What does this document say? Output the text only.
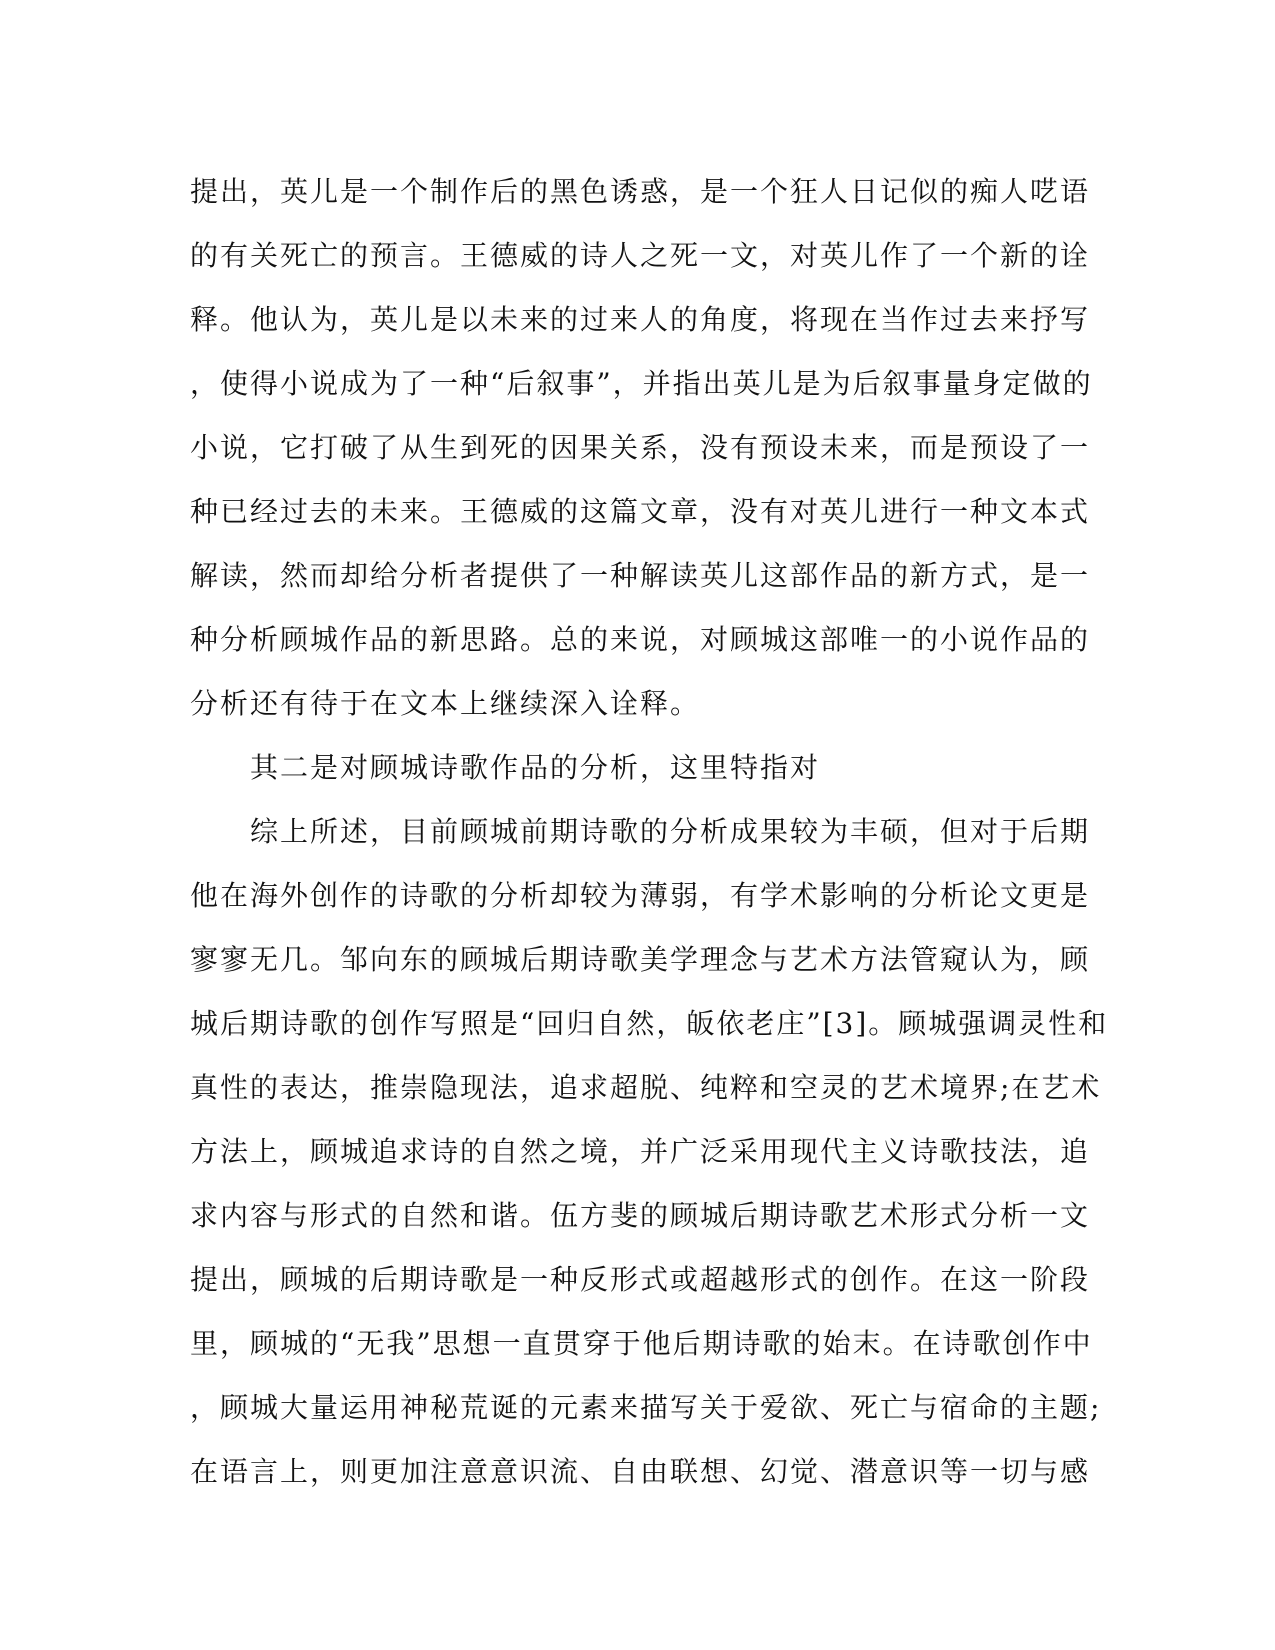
提出，英儿是一个制作后的黑色诱惑，是一个狂人日记似的痴人呓语

的有关死亡的预言。王德威的诗人之死一文，对英儿作了一个新的诠

释。他认为，英儿是以未来的过来人的角度，将现在当作过去来抒写

，使得小说成为了一种“后叙事”，并指出英儿是为后叙事量身定做的

小说，它打破了从生到死的因果关系，没有预设未来，而是预设了一

种已经过去的未来。王德威的这篇文章，没有对英儿进行一种文本式

解读，然而却给分析者提供了一种解读英儿这部作品的新方式，是一

种分析顾城作品的新思路。总的来说，对顾城这部唯一的小说作品的

分析还有待于在文本上继续深入诠释。

　　其二是对顾城诗歌作品的分析，这里特指对

　　综上所述，目前顾城前期诗歌的分析成果较为丰硕，但对于后期

他在海外创作的诗歌的分析却较为薄弱，有学术影响的分析论文更是

寥寥无几。邹向东的顾城后期诗歌美学理念与艺术方法管窥认为，顾

城后期诗歌的创作写照是“回归自然，皈依老庄”[3]。顾城强调灵性和

真性的表达，推崇隐现法，追求超脱、纯粹和空灵的艺术境界;在艺术

方法上，顾城追求诗的自然之境，并广泛采用现代主义诗歌技法，追

求内容与形式的自然和谐。伍方斐的顾城后期诗歌艺术形式分析一文

提出，顾城的后期诗歌是一种反形式或超越形式的创作。在这一阶段

里，顾城的“无我”思想一直贯穿于他后期诗歌的始末。在诗歌创作中

，顾城大量运用神秘荒诞的元素来描写关于爱欲、死亡与宿命的主题;

在语言上，则更加注意意识流、自由联想、幻觉、潜意识等一切与感
